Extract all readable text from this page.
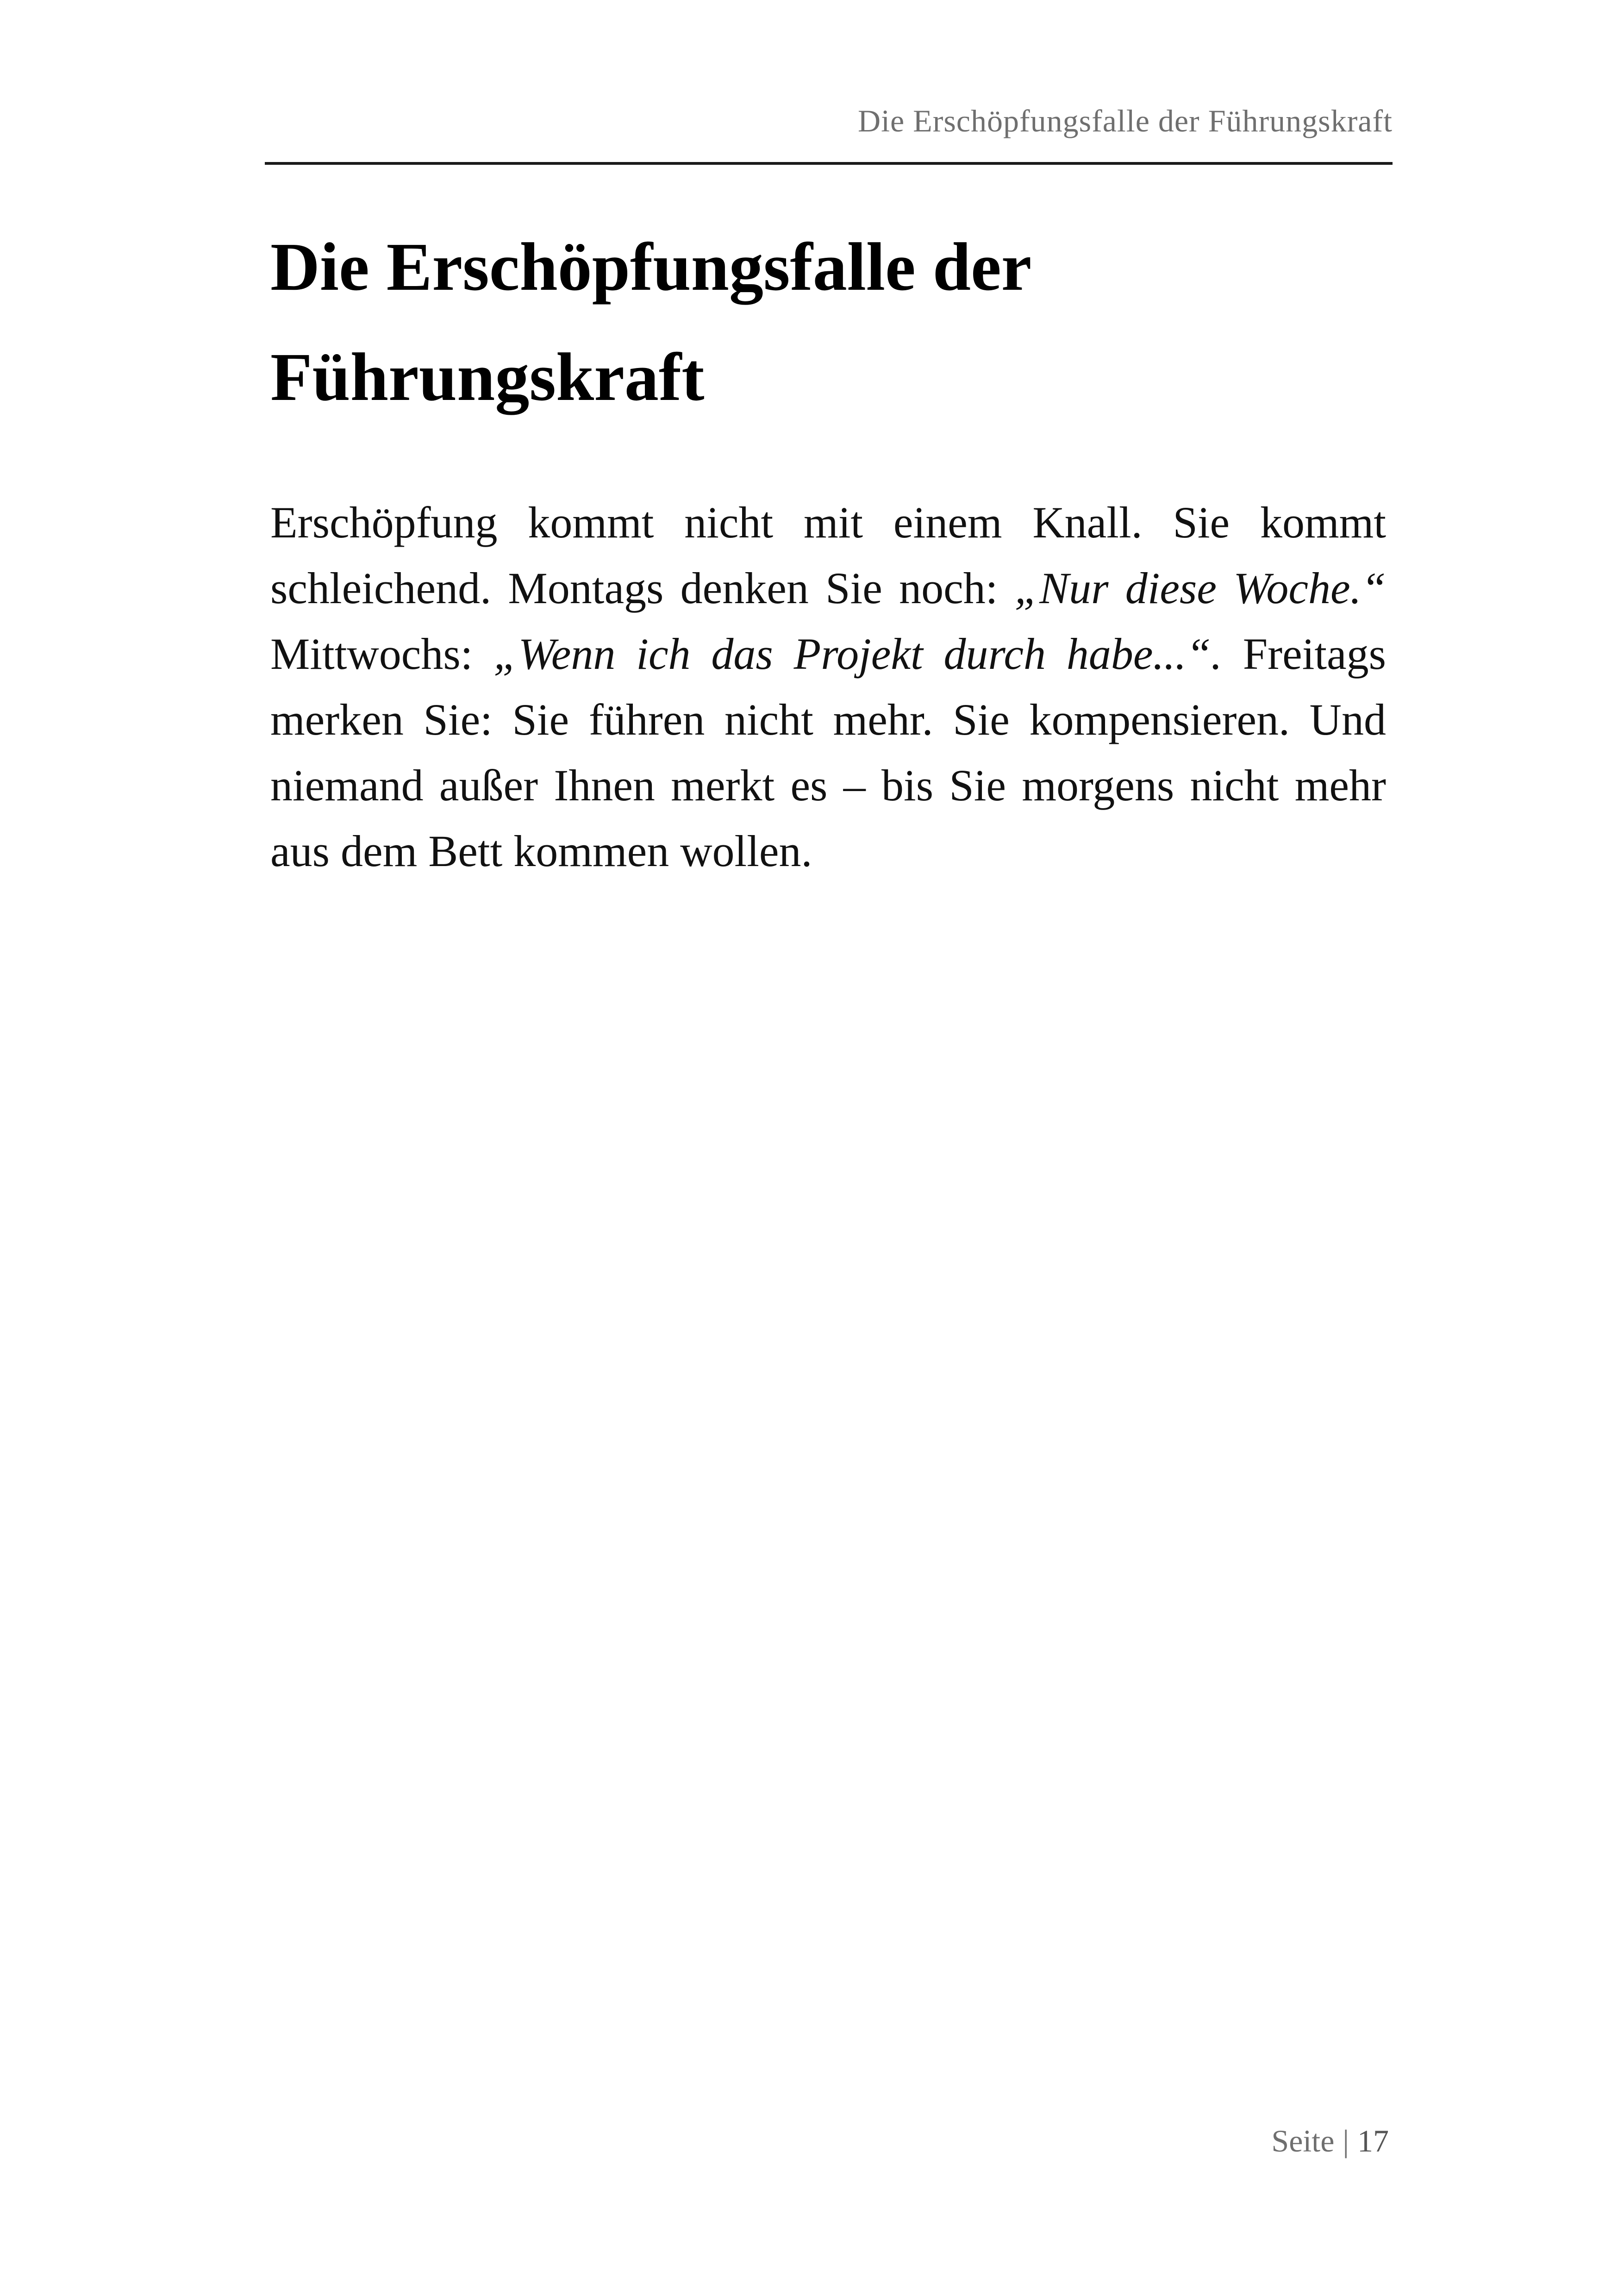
Die Erschöpfungsfalle der Führungskraft
Die Erschöpfungsfalle der
Führungskraft

Erschöpfung kommt nicht mit einem Knall. Sie kommt schleichend. Montags denken Sie noch: „Nur diese Woche.“ Mittwochs: „Wenn ich das Projekt durch habe...“. Freitags merken Sie: Sie führen nicht mehr. Sie kompensieren. Und niemand außer Ihnen merkt es – bis Sie morgens nicht mehr aus dem Bett kommen wollen.

Seite | 17
